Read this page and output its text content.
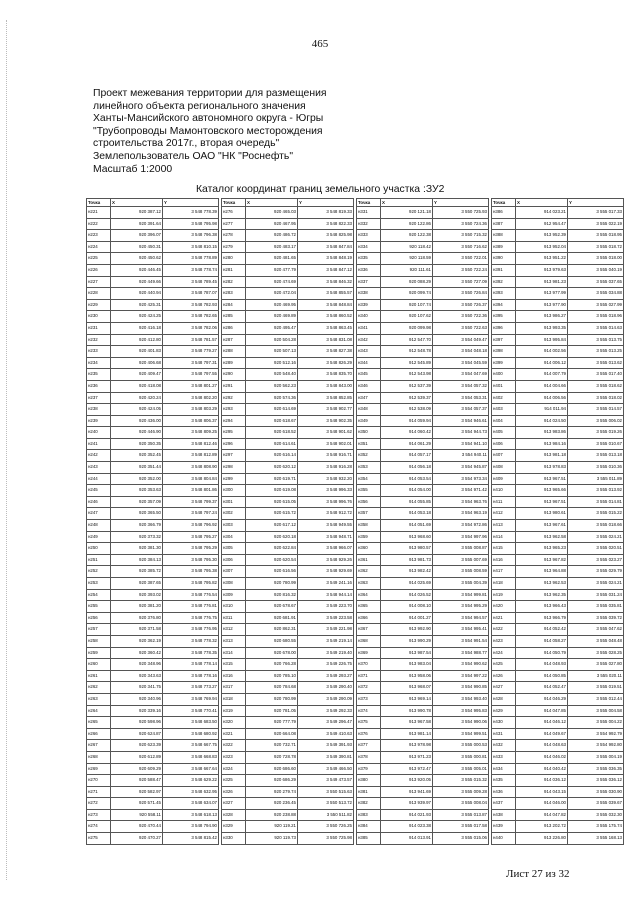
465
Проект межевания территории для размещения
линейного объекта регионального значения
Ханты-Мансийского автономного округа - Югры
"Трубопроводы Мамонтовского месторождения
строительства 2017г., вторая очередь"
Землепользователь ОАО "НК "Роснефть"
Масштаб 1:2000
Каталог координат границ земельного участка :ЗУ2
Точка	X	Y
н221	920 387.12	3 548 778.39
н222	920 391.64	3 548 795.98
н223	920 396.07	3 548 796.38
н224	920 450.31	3 548 810.15
н225	920 450.62	3 548 778.89
н226	920 446.45	3 548 778.74
н227	920 449.66	3 548 789.45
н228	920 440.94	3 548 787.07
н229	920 425.31	3 548 782.93
н230	920 424.25	3 548 782.65
н231	920 416.18	3 548 782.06
н232	920 412.80	3 548 781.57
н233	920 401.83	3 548 779.27
н234	920 406.68	3 548 797.31
н235	920 409.47	3 548 797.55
н236	920 418.08	3 548 801.27
н237	920 420.24	3 548 802.20
н238	920 424.05	3 548 803.29
н239	920 436.00	3 548 806.37
н240	920 446.90	3 548 809.25
н241	920 350.35	3 548 812.46
н242	920 352.45	3 548 812.89
н243	920 351.44	3 548 808.90
н244	920 352.00	3 548 804.84
н245	920 353.63	3 548 801.86
н246	920 357.09	3 548 799.37
н247	920 365.50	3 548 797.24
н248	920 366.79	3 548 796.92
н249	920 373.32	3 548 795.27
н250	920 381.30	3 548 795.29
н251	920 384.13	3 548 795.30
н252	920 385.72	3 548 795.38
н253	920 387.65	3 548 795.82
н254	920 393.02	3 548 776.54
н255	920 381.20	3 548 776.81
н256	920 376.80	3 548 776.75
н257	920 371.58	3 548 776.95
н258	920 362.19	3 548 778.32
н259	920 360.42	3 548 778.35
н260	920 348.96	3 548 778.14
н261	920 343.63	3 548 778.16
н262	920 341.75	3 548 773.27
н263	920 340.96	3 548 769.94
н264	920 339.16	3 548 770.41
н265	920 598.96	3 548 683.50
н266	920 624.87	3 548 680.92
н267	920 623.39	3 548 667.75
н268	920 612.89	3 548 668.83
н269	920 609.29	3 548 667.64
н270	920 588.47	3 548 629.22
н271	920 582.97	3 548 632.95
н272	920 571.45	3 548 634.07
н273	920 558.11	3 548 618.13
н274	920 470.44	3 548 794.90
н275	920 470.27	3 548 815.42
Точка	X	Y
н276	920 465.03	3 548 819.33
н277	920 467.95	3 548 822.33
н278	920 486.72	3 548 825.98
н279	920 483.17	3 548 847.84
н280	920 481.65	3 548 848.19
н281	920 477.79	3 548 847.12
н282	920 474.69	3 548 846.32
н283	920 472.04	3 548 855.57
н284	920 469.95	3 548 848.84
н285	920 469.89	3 548 860.52
н286	920 495.47	3 548 863.45
н287	920 504.28	3 548 831.08
н288	920 507.13	3 548 827.38
н289	920 512.16	3 548 826.29
н290	920 548.40	3 548 835.70
н291	920 562.23	3 548 843.00
н292	920 574.36	3 548 852.85
н293	920 614.69	3 548 902.77
н294	920 618.67	3 548 902.35
н295	920 618.52	3 548 901.62
н296	920 614.61	3 548 902.01
н297	920 616.14	3 548 916.71
н298	920 620.12	3 548 916.28
н299	920 619.71	3 548 932.20
н300	920 619.08	3 548 996.33
н301	920 615.05	3 548 996.76
н302	920 615.72	3 548 912.72
н303	920 617.12	3 548 949.55
н304	920 620.18	3 548 948.71
н305	920 622.84	3 548 966.07
н306	920 620.54	3 548 929.26
н307	920 616.56	3 548 929.69
н308	920 780.99	3 549 241.16
н309	920 816.32	3 548 944.14
н310	920 678.67	3 549 223.70
н311	920 681.91	3 549 223.58
н312	920 862.31	3 549 221.98
н313	920 680.55	3 549 219.14
н314	920 678.00	3 549 219.40
н315	920 766.28	3 549 226.75
н316	920 785.10	3 549 293.27
н317	920 784.68	3 549 290.40
н318	920 780.99	3 549 290.09
н319	920 781.05	3 549 292.33
н320	920 777.79	3 549 296.47
н321	920 664.08	3 549 410.63
н322	920 732.71	3 549 391.93
н323	920 728.78	3 549 390.81
н324	920 686.60	3 549 466.50
н325	920 686.29	3 549 473.57
н326	920 279.74	3 550 515.63
н327	920 236.45	3 550 513.72
н328	920 238.88	3 550 511.82
н329	920 119.21	3 550 726.25
н330	920 119.73	3 550 725.98
Точка	X	Y
н331	920 121.18	3 550 725.93
н332	920 122.86	3 550 724.36
н333	920 122.38	3 550 715.32
н334	920 118.42	3 550 716.62
н335	920 118.59	3 550 722.01
н336	920 111.61	3 550 722.24
н337	920 088.29	3 550 727.09
н338	920 099.74	3 550 726.84
н339	920 107.74	3 550 726.37
н340	920 107.62	3 550 722.36
н341	920 099.98	3 550 722.63
н342	912 547.70	3 554 049.47
н343	912 548.78	3 554 048.18
н344	912 545.89	3 554 045.59
н345	912 543.98	3 554 047.69
н346	912 537.39	3 554 057.32
н347	912 539.37	3 554 053.31
н348	912 538.09	3 554 057.37
н349	914 059.94	3 554 946.61
н350	914 060.42	3 554 944.73
н351	914 061.29	3 554 941.10
н352	914 057.17	3 554 940.11
н353	914 056.18	3 554 945.87
н354	914 053.54	3 554 973.34
н355	914 054.00	3 554 971.42
н356	914 055.85	3 554 963.76
н357	914 053.18	3 554 963.19
н358	914 051.69	3 554 972.86
н359	913 968.60	3 554 997.96
н360	913 980.57	3 555 008.87
н361	913 981.73	3 555 007.69
н362	913 982.42	3 555 008.59
н363	914 025.69	3 555 004.39
н364	914 026.52	3 554 999.81
н365	914 008.10	3 554 995.29
н366	914 001.27	3 554 994.57
н367	913 992.90	3 554 995.41
н368	913 990.29	3 554 991.54
н369	913 987.54	3 554 988.77
н370	913 983.04	3 554 990.62
н371	913 958.06	3 554 997.22
н372	913 968.07	3 554 990.85
н373	913 969.14	3 554 993.40
н374	913 990.78	3 554 995.83
н375	913 967.58	3 554 990.06
н376	913 981.14	3 554 999.51
н377	913 978.98	3 555 000.53
н378	913 971.23	3 555 000.81
н379	913 972.47	3 555 005.01
н380	913 920.05	3 555 015.32
н381	913 941.69	3 555 009.28
н382	913 939.97	3 555 008.04
н383	914 021.93	3 555 013.87
н384	914 023.38	3 555 017.58
н385	914 013.91	3 555 015.06
Точка	X	Y
н386	914 023.21	3 555 017.33
н387	912 954.47	3 555 022.19
н388	913 952.39	3 555 018.95
н389	913 952.04	3 555 018.72
н390	913 951.22	3 555 018.00
н391	913 979.63	3 555 040.19
н392	913 981.23	3 555 037.65
н393	913 977.99	3 555 034.88
н394	913 977.90	3 555 027.99
н395	913 986.27	3 555 018.96
н396	913 993.35	3 555 014.63
н397	913 995.84	3 555 013.75
н398	914 002.56	3 555 013.25
н399	914 006.12	3 555 013.62
н400	914 007.79	3 555 017.40
н401	914 004.66	3 555 018.62
н402	914 006.56	3 555 018.02
н403	914 011.94	3 555 014.57
н404	914 024.50	3 555 006.02
н405	913 983.86	3 555 019.26
н406	913 984.16	3 555 010.67
н407	913 981.18	3 555 013.18
н408	913 978.83	3 555 010.36
н409	913 967.51	3 555 011.89
н410	913 965.66	3 555 013.92
н411	913 967.51	3 555 014.81
н412	913 980.61	3 555 015.22
н413	913 967.61	3 555 018.66
н414	913 962.58	3 555 024.21
н415	913 965.23	3 555 020.51
н416	913 967.82	3 555 023.27
н417	913 964.88	3 555 029.79
н418	913 962.53	3 555 024.21
н419	913 962.35	3 555 031.24
н420	913 966.43	3 555 035.81
н421	913 966.79	3 555 039.72
н422	914 052.42	3 555 047.62
н423	914 058.27	3 555 048.48
н424	914 050.79	3 555 028.25
н425	914 048.93	3 555 027.80
н426	914 050.85	3 555 020.11
н427	914 052.47	3 555 019.51
н428	914 046.29	3 555 012.44
н429	914 047.85	3 555 004.58
н430	914 046.12	3 555 004.22
н431	914 049.67	3 554 992.79
н432	914 048.63	3 554 992.80
н433	914 046.02	3 555 004.19
н434	914 040.42	3 555 036.35
н435	914 036.12	3 555 036.12
н436	914 043.15	3 555 030.90
н437	914 046.00	3 555 039.67
н438	914 047.82	3 555 032.30
н439	913 202.72	3 555 175.74
н440	913 226.80	3 555 168.13
Лист 27 из 32
